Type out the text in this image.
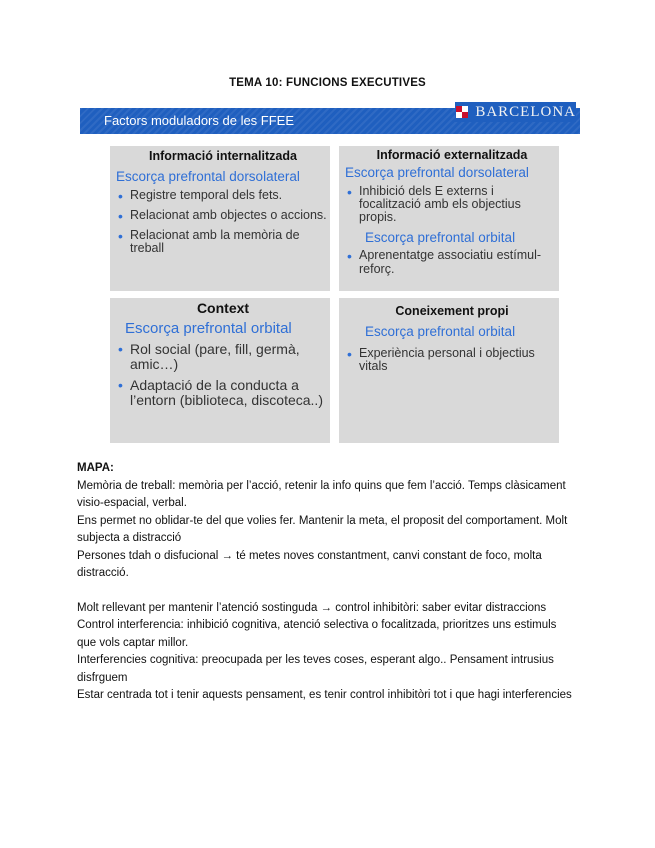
TEMA 10: FUNCIONS EXECUTIVES
Factors moduladors de les FFEE
BARCELONA
Informació internalitzada
Escorça prefrontal dorsolateral
• Registre temporal dels fets.
• Relacionat amb objectes o accions.
• Relacionat amb la memòria de treball
Informació externalitzada
Escorça prefrontal dorsolateral
• Inhibició dels E externs i focalització amb els objectius propis.
Escorça prefrontal orbital
• Aprenentatge associatiu estímul-reforç.
Context
Escorça prefrontal orbital
• Rol social (pare, fill, germà, amic…)
• Adaptació de la conducta a l’entorn (biblioteca, discoteca..)
Coneixement propi
Escorça prefrontal orbital
• Experiència personal i objectius vitals

MAPA:

Memòria de treball: memòria per l’acció, retenir la info quins que fem l’acció. Temps clàsicament visio-espacial, verbal.

Ens permet no oblidar-te del que volies fer. Mantenir la meta, el proposit del comportament. Molt subjecta a distracció

Persones tdah o disfucional → té metes noves constantment, canvi constant de foco, molta distracció.

Molt rellevant per mantenir l’atenció sostinguda → control inhibitòri: saber evitar distraccions

Control interferencia: inhibició cognitiva, atenció selectiva o focalitzada, prioritzes uns estimuls que vols captar millor.

Interferencies cognitiva: preocupada per les teves coses, esperant algo.. Pensament intrusius disfrguem

Estar centrada tot i tenir aquests pensament, es tenir control inhibitòri tot i que hagi interferencies
